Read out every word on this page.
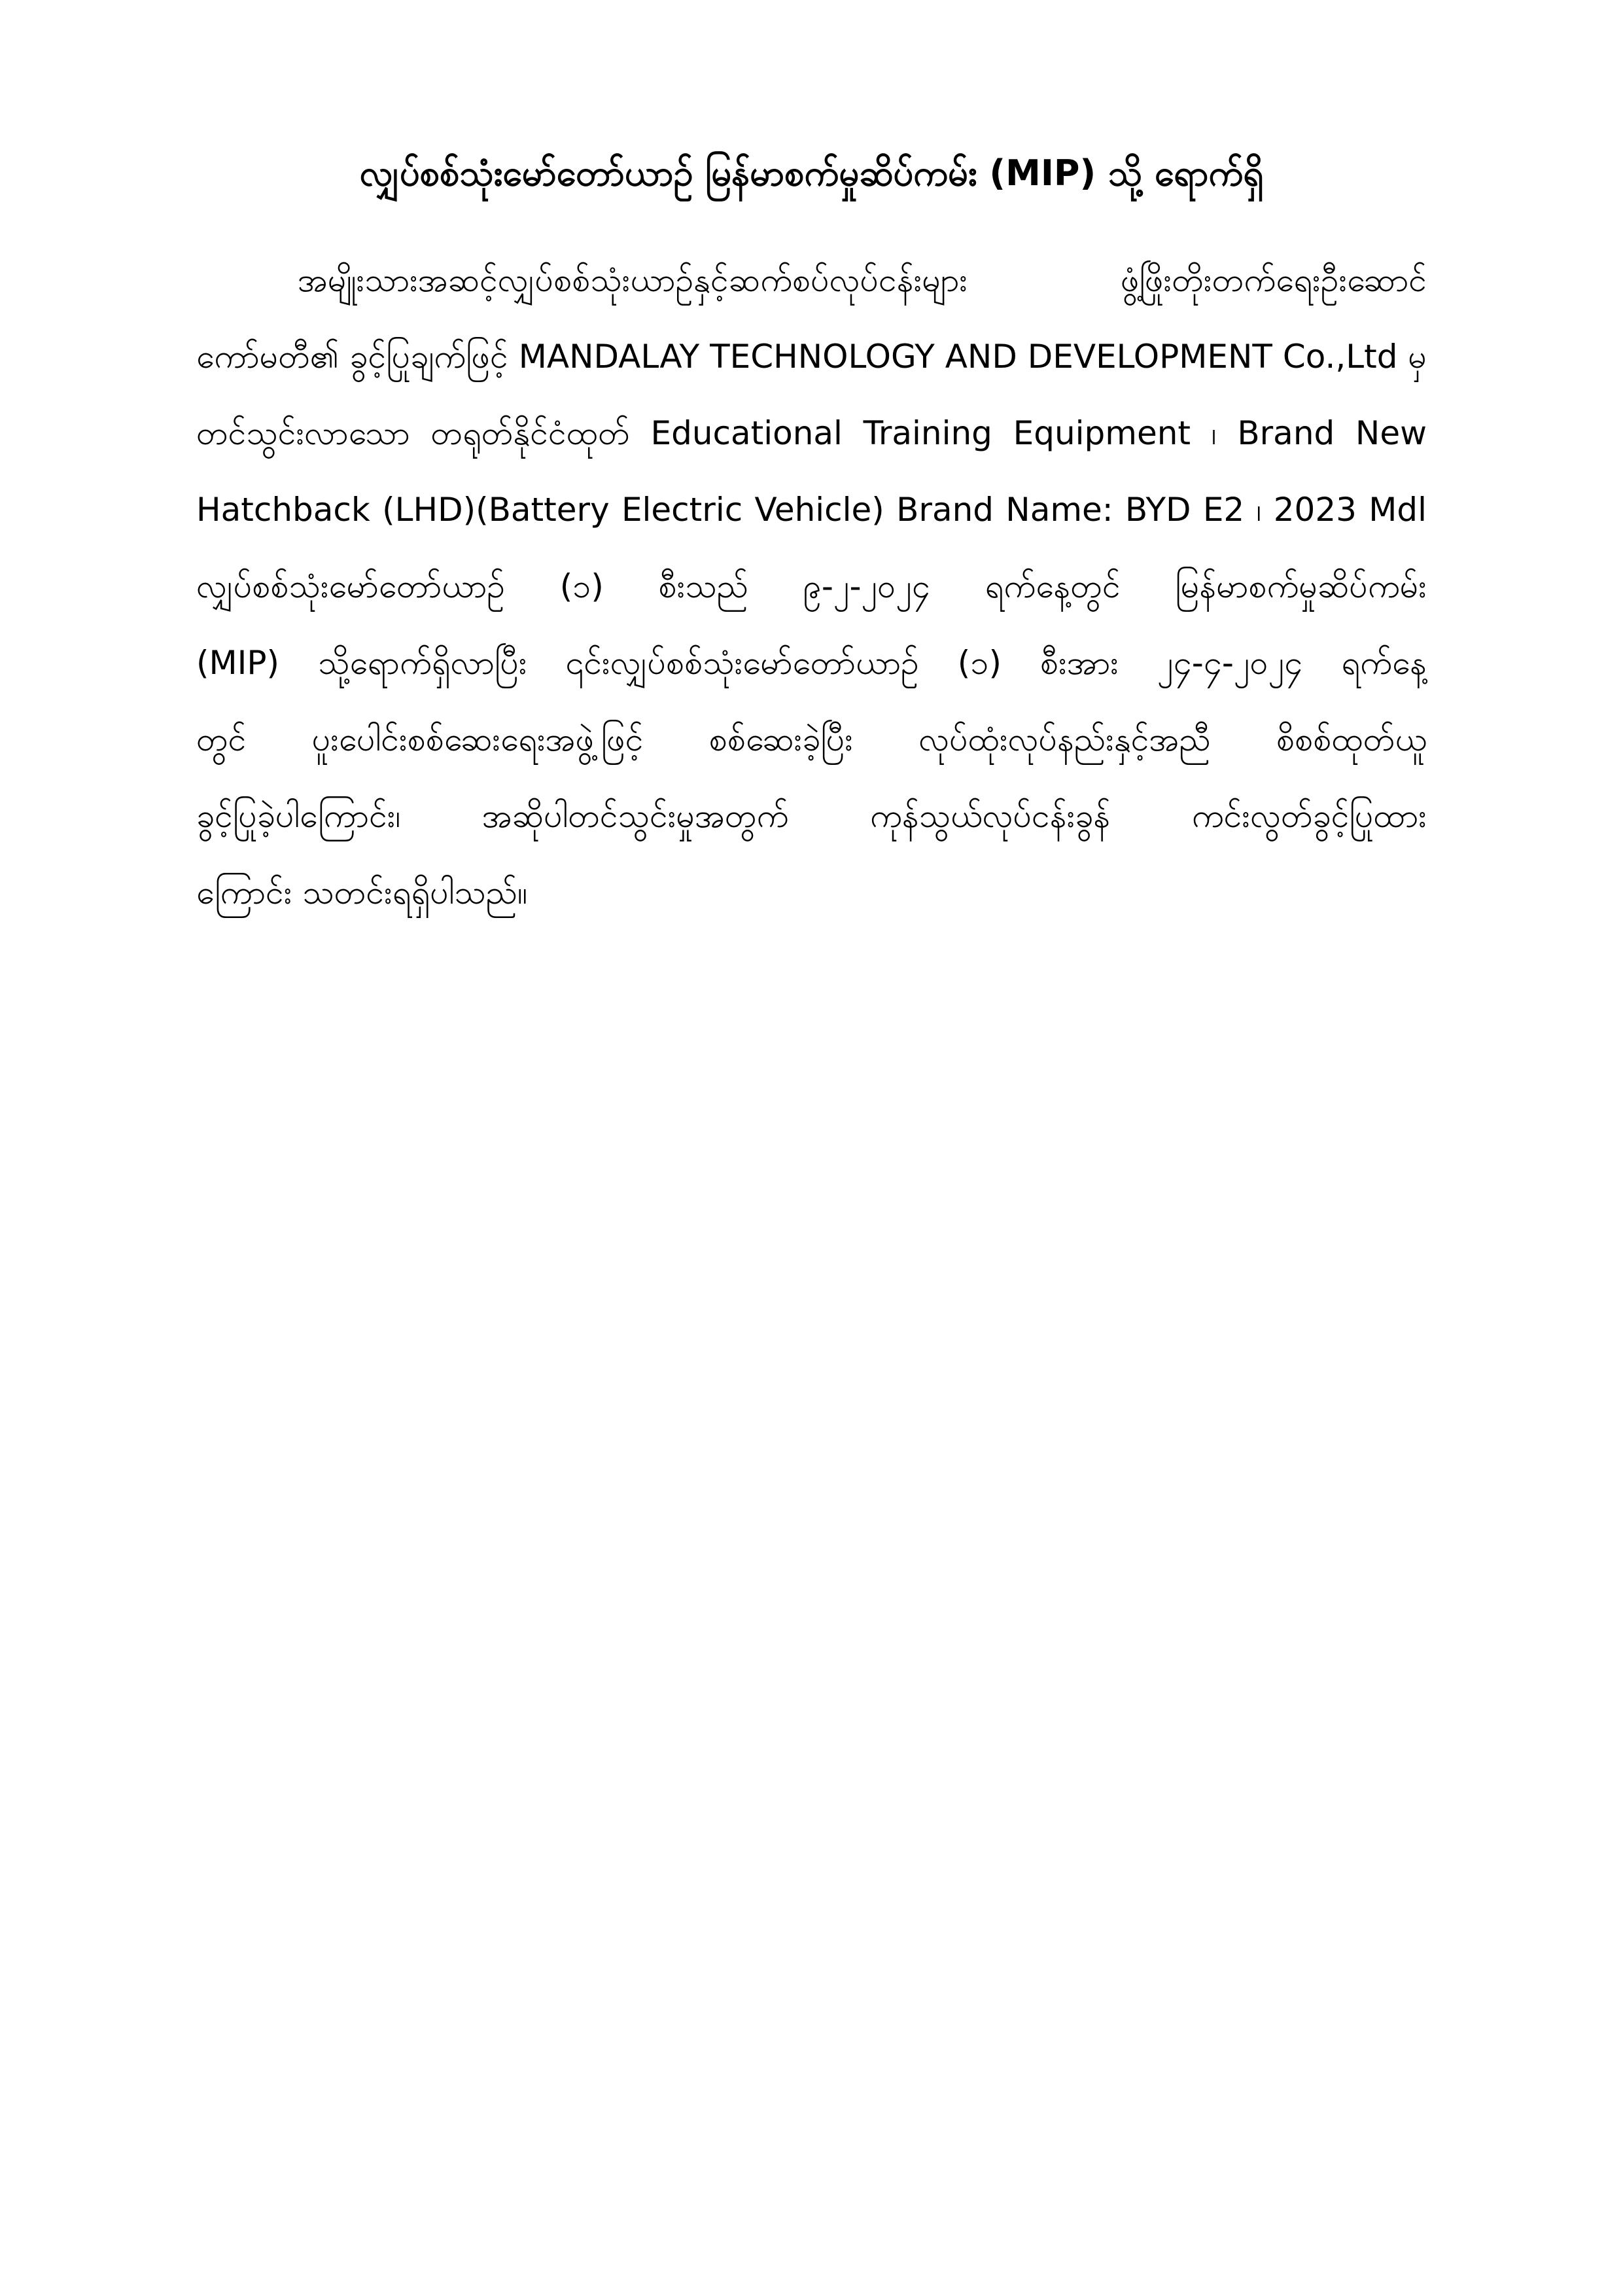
လျှပ်စစ်သုံးမော်တော်ယာဉ် မြန်မာစက်မှုဆိပ်ကမ်း (MIP) သို့ ရောက်ရှိ
အမျိုးသားအဆင့်လျှပ်စစ်သုံးယာဉ်နှင့်ဆက်စပ်လုပ်ငန်းများ ဖွံ့ဖြိုးတိုးတက်ရေးဦးဆောင်
ကော်မတီ၏ ခွင့်ပြုချက်ဖြင့် MANDALAY TECHNOLOGY AND DEVELOPMENT Co.,Ltd မှ
တင်သွင်းလာသော တရုတ်နိုင်ငံထုတ် Educational Training Equipment ၊ Brand New
Hatchback (LHD)(Battery Electric Vehicle) Brand Name: BYD E2 ၊ 2023 Mdl
လျှပ်စစ်သုံးမော်တော်ယာဉ် (၁) စီးသည် ၉-၂-၂၀၂၄ ရက်နေ့တွင် မြန်မာစက်မှုဆိပ်ကမ်း
(MIP) သို့ရောက်ရှိလာပြီး ၎င်းလျှပ်စစ်သုံးမော်တော်ယာဉ် (၁) စီးအား ၂၄-၄-၂၀၂၄ ရက်နေ့
တွင် ပူးပေါင်းစစ်ဆေးရေးအဖွဲ့ဖြင့် စစ်ဆေးခဲ့ပြီး လုပ်ထုံးလုပ်နည်းနှင့်အညီ စိစစ်ထုတ်ယူ
ခွင့်ပြုခဲ့ပါကြောင်း၊ အဆိုပါတင်သွင်းမှုအတွက် ကုန်သွယ်လုပ်ငန်းခွန် ကင်းလွတ်ခွင့်ပြုထား
ကြောင်း သတင်းရရှိပါသည်။
